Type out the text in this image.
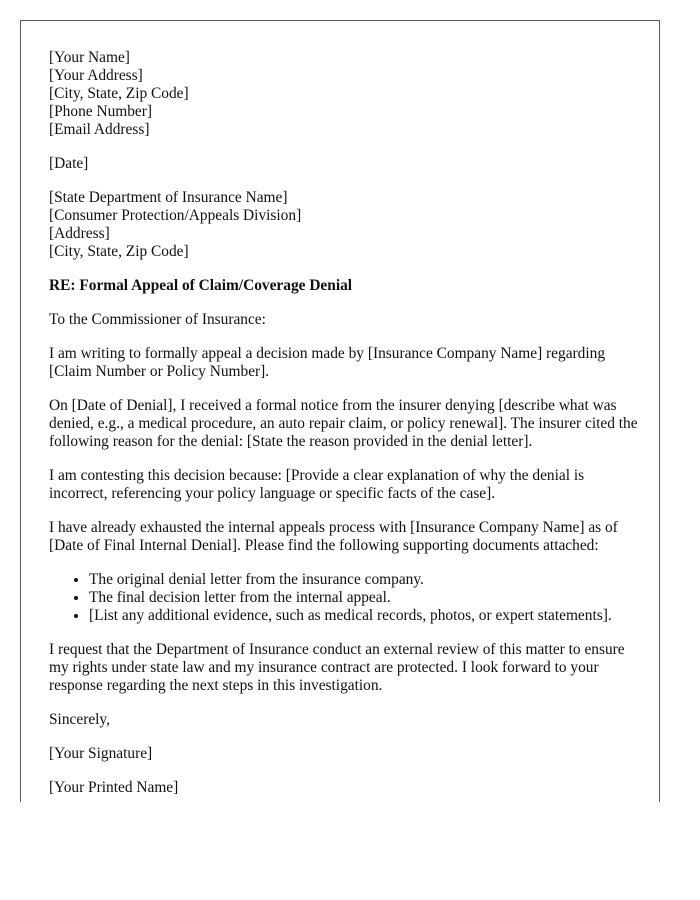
[Your Name]
[Your Address]
[City, State, Zip Code]
[Phone Number]
[Email Address]

[Date]

[State Department of Insurance Name]
[Consumer Protection/Appeals Division]
[Address]
[City, State, Zip Code]

RE: Formal Appeal of Claim/Coverage Denial

To the Commissioner of Insurance:

I am writing to formally appeal a decision made by [Insurance Company Name] regarding [Claim Number or Policy Number].

On [Date of Denial], I received a formal notice from the insurer denying [describe what was denied, e.g., a medical procedure, an auto repair claim, or policy renewal]. The insurer cited the following reason for the denial: [State the reason provided in the denial letter].

I am contesting this decision because: [Provide a clear explanation of why the denial is incorrect, referencing your policy language or specific facts of the case].

I have already exhausted the internal appeals process with [Insurance Company Name] as of [Date of Final Internal Denial]. Please find the following supporting documents attached:

• The original denial letter from the insurance company.
• The final decision letter from the internal appeal.
• [List any additional evidence, such as medical records, photos, or expert statements].

I request that the Department of Insurance conduct an external review of this matter to ensure my rights under state law and my insurance contract are protected. I look forward to your response regarding the next steps in this investigation.

Sincerely,

[Your Signature]

[Your Printed Name]
